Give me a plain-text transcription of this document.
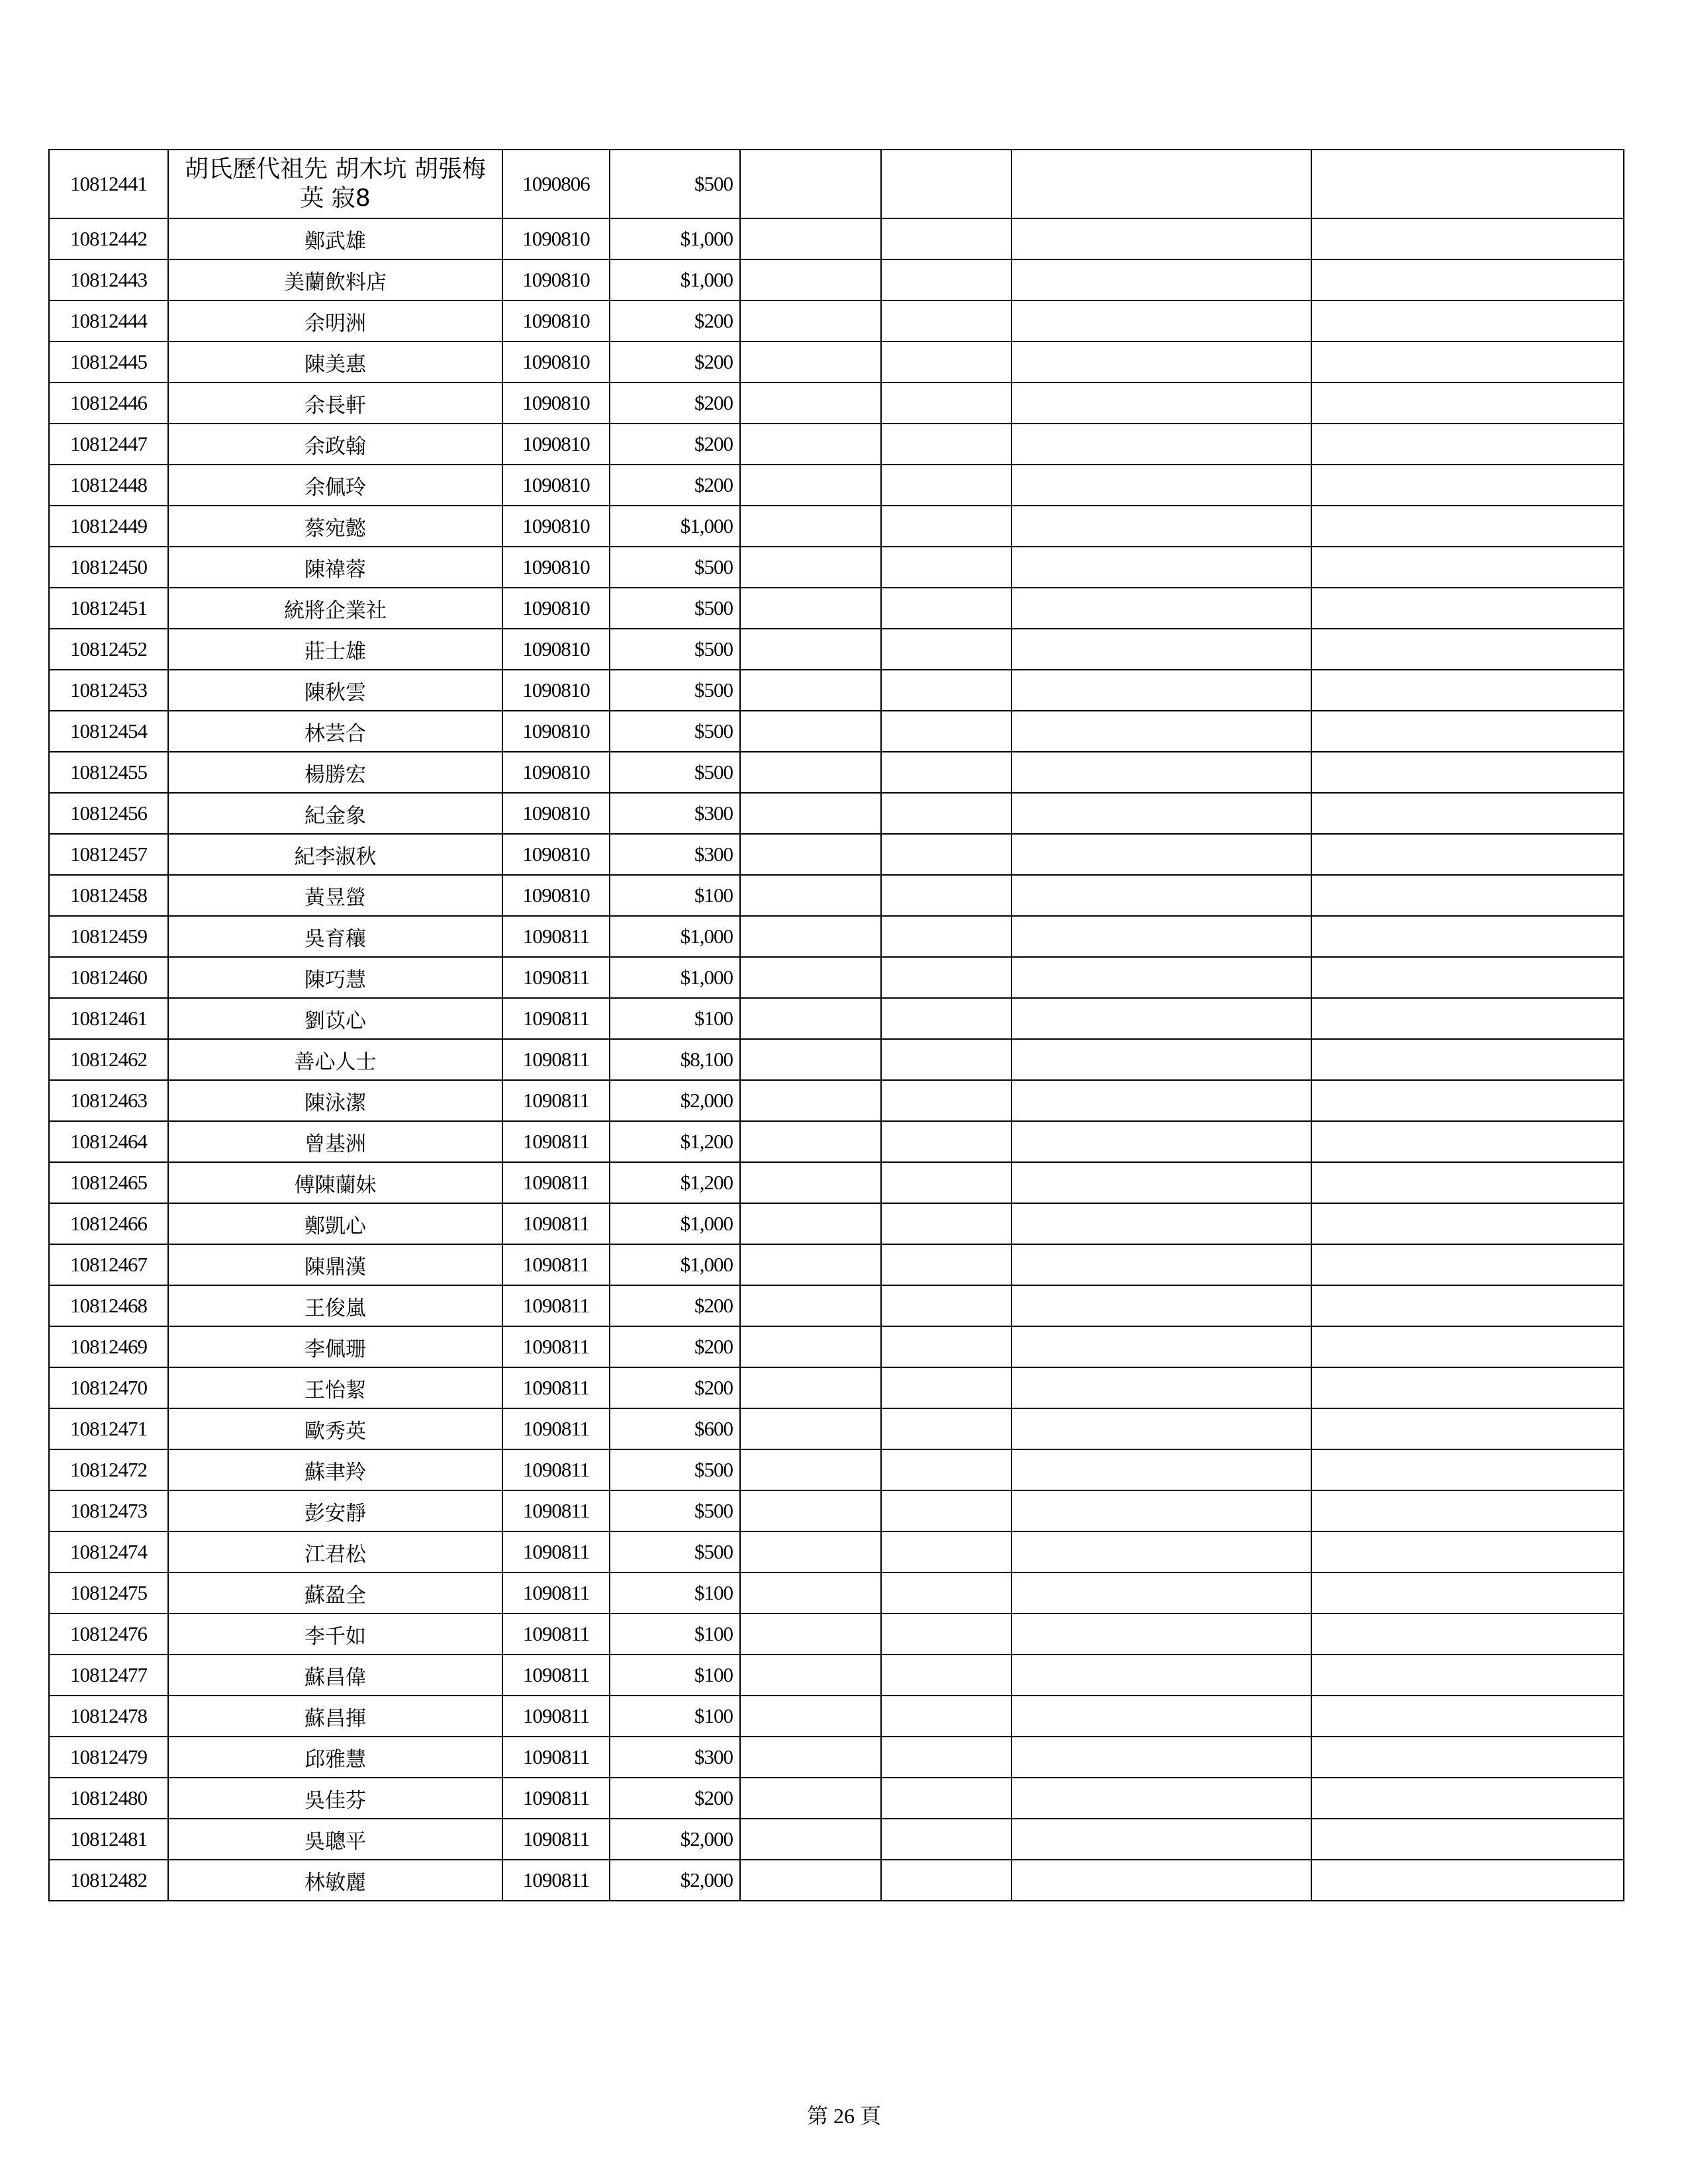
10812441	胡氏歷代祖先 胡木坑 胡張梅英 寂8	1090806	$500				
10812442	鄭武雄	1090810	$1,000				
10812443	美蘭飲料店	1090810	$1,000				
10812444	余明洲	1090810	$200				
10812445	陳美惠	1090810	$200				
10812446	余長軒	1090810	$200				
10812447	余政翰	1090810	$200				
10812448	余佩玲	1090810	$200				
10812449	蔡宛懿	1090810	$1,000				
10812450	陳禕蓉	1090810	$500				
10812451	統將企業社	1090810	$500				
10812452	莊士雄	1090810	$500				
10812453	陳秋雲	1090810	$500				
10812454	林芸合	1090810	$500				
10812455	楊勝宏	1090810	$500				
10812456	紀金象	1090810	$300				
10812457	紀李淑秋	1090810	$300				
10812458	黃昱螢	1090810	$100				
10812459	吳育穰	1090811	$1,000				
10812460	陳巧慧	1090811	$1,000				
10812461	劉苡心	1090811	$100				
10812462	善心人士	1090811	$8,100				
10812463	陳泳潔	1090811	$2,000				
10812464	曾基洲	1090811	$1,200				
10812465	傅陳蘭妹	1090811	$1,200				
10812466	鄭凱心	1090811	$1,000				
10812467	陳鼎漢	1090811	$1,000				
10812468	王俊嵐	1090811	$200				
10812469	李佩珊	1090811	$200				
10812470	王怡絜	1090811	$200				
10812471	歐秀英	1090811	$600				
10812472	蘇聿羚	1090811	$500				
10812473	彭安靜	1090811	$500				
10812474	江君松	1090811	$500				
10812475	蘇盈全	1090811	$100				
10812476	李千如	1090811	$100				
10812477	蘇昌偉	1090811	$100				
10812478	蘇昌揮	1090811	$100				
10812479	邱雅慧	1090811	$300				
10812480	吳佳芬	1090811	$200				
10812481	吳聰平	1090811	$2,000				
10812482	林敏麗	1090811	$2,000				
第 26 頁
